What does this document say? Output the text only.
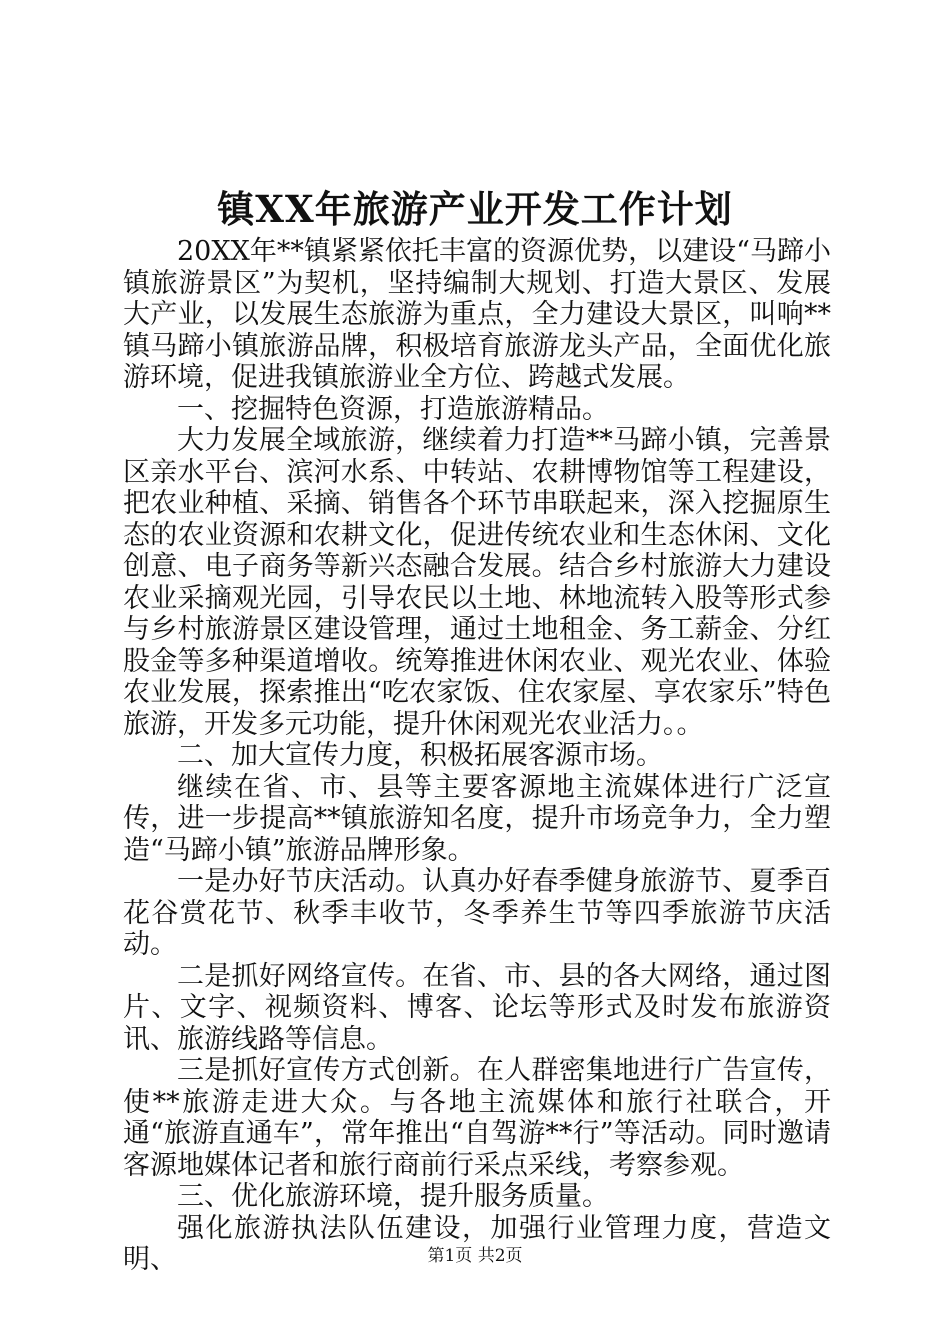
镇XX年旅游产业开发工作计划

20XX年**镇紧紧依托丰富的资源优势，以建设“马蹄小镇旅游景区”为契机，坚持编制大规划、打造大景区、发展大产业，以发展生态旅游为重点，全力建设大景区，叫响**镇马蹄小镇旅游品牌，积极培育旅游龙头产品，全面优化旅游环境，促进我镇旅游业全方位、跨越式发展。

一、挖掘特色资源，打造旅游精品。

大力发展全域旅游，继续着力打造**马蹄小镇，完善景区亲水平台、滨河水系、中转站、农耕博物馆等工程建设，把农业种植、采摘、销售各个环节串联起来，深入挖掘原生态的农业资源和农耕文化，促进传统农业和生态休闲、文化创意、电子商务等新兴态融合发展。结合乡村旅游大力建设农业采摘观光园，引导农民以土地、林地流转入股等形式参与乡村旅游景区建设管理，通过土地租金、务工薪金、分红股金等多种渠道增收。统筹推进休闲农业、观光农业、体验农业发展，探索推出“吃农家饭、住农家屋、享农家乐”特色旅游，开发多元功能，提升休闲观光农业活力。。

二、加大宣传力度，积极拓展客源市场。

继续在省、市、县等主要客源地主流媒体进行广泛宣传，进一步提高**镇旅游知名度，提升市场竞争力，全力塑造“马蹄小镇”旅游品牌形象。

一是办好节庆活动。认真办好春季健身旅游节、夏季百花谷赏花节、秋季丰收节，冬季养生节等四季旅游节庆活动。

二是抓好网络宣传。在省、市、县的各大网络，通过图片、文字、视频资料、博客、论坛等形式及时发布旅游资讯、旅游线路等信息。

三是抓好宣传方式创新。在人群密集地进行广告宣传，使**旅游走进大众。与各地主流媒体和旅行社联合，开通“旅游直通车”，常年推出“自驾游**行”等活动。同时邀请客源地媒体记者和旅行商前行采点采线，考察参观。

三、优化旅游环境，提升服务质量。

强化旅游执法队伍建设，加强行业管理力度，营造文明、	第1页 共2页
